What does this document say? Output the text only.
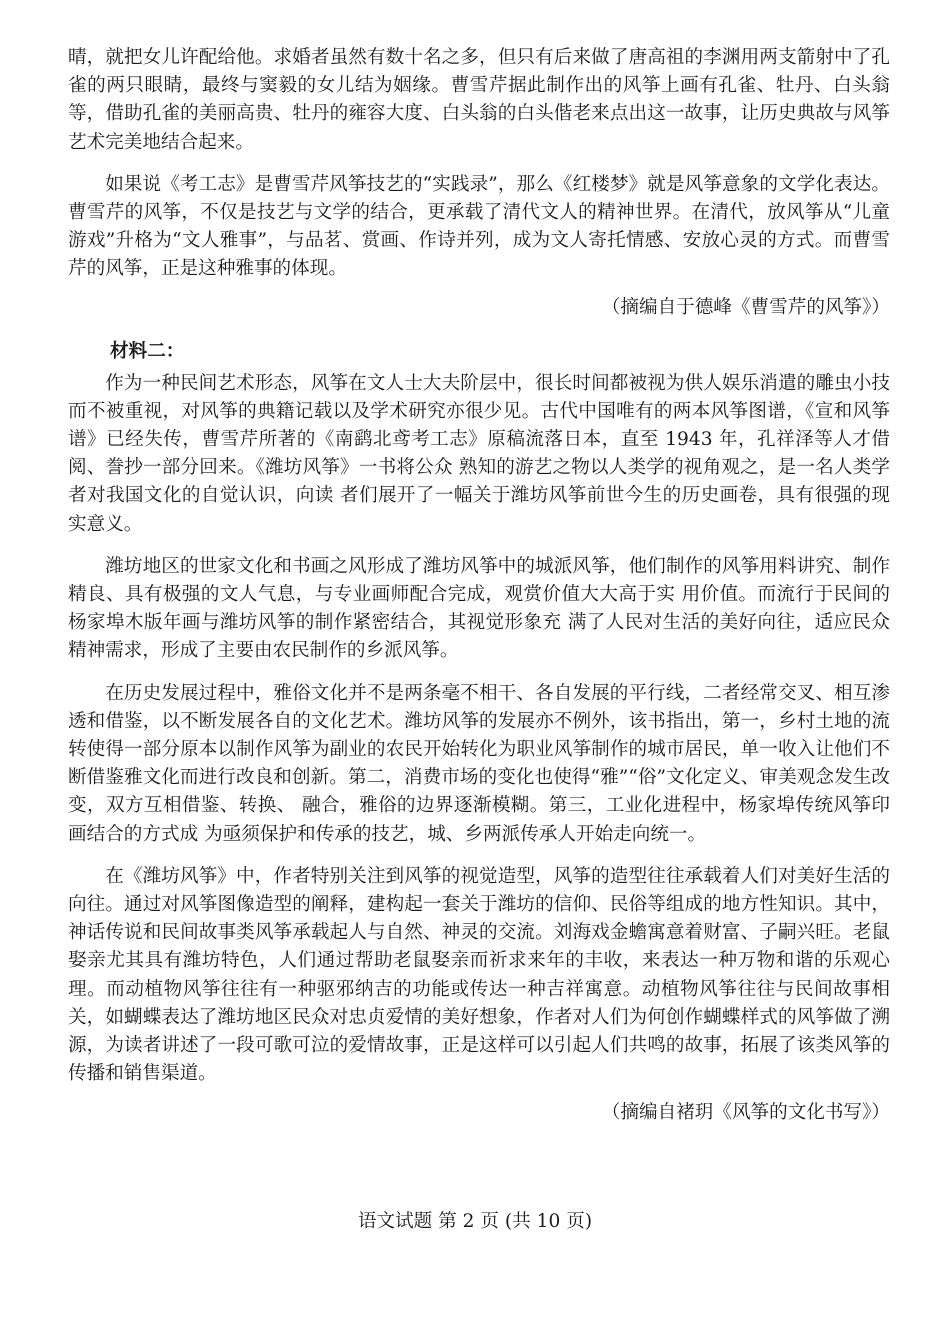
晴，就把女儿许配给他。求婚者虽然有数十名之多，但只有后来做了唐高祖的李渊用两支箭射中了孔雀的两只眼睛，最终与窦毅的女儿结为姻缘。曹雪芹据此制作出的风筝上画有孔雀、牡丹、白头翁等，借助孔雀的美丽高贵、牡丹的雍容大度、白头翁的白头偕老来点出这一故事，让历史典故与风筝艺术完美地结合起来。

如果说《考工志》是曹雪芹风筝技艺的“实践录”，那么《红楼梦》就是风筝意象的文学化表达。曹雪芹的风筝，不仅是技艺与文学的结合，更承载了清代文人的精神世界。在清代，放风筝从“儿童游戏”升格为“文人雅事”，与品茗、赏画、作诗并列，成为文人寄托情感、安放心灵的方式。而曹雪芹的风筝，正是这种雅事的体现。

（摘编自于德峰《曹雪芹的风筝》）

材料二：

作为一种民间艺术形态，风筝在文人士大夫阶层中，很长时间都被视为供人娱乐消遣的雕虫小技而不被重视，对风筝的典籍记载以及学术研究亦很少见。古代中国唯有的两本风筝图谱，《宣和风筝谱》已经失传，曹雪芹所著的《南鹞北鸢考工志》原稿流落日本，直至 1943 年，孔祥泽等人才借阅、誊抄一部分回来。《潍坊风筝》一书将公众 熟知的游艺之物以人类学的视角观之，是一名人类学者对我国文化的自觉认识，向读 者们展开了一幅关于潍坊风筝前世今生的历史画卷，具有很强的现实意义。

潍坊地区的世家文化和书画之风形成了潍坊风筝中的城派风筝，他们制作的风筝用料讲究、制作精良、具有极强的文人气息，与专业画师配合完成，观赏价值大大高于实 用价值。而流行于民间的杨家埠木版年画与潍坊风筝的制作紧密结合，其视觉形象充 满了人民对生活的美好向往，适应民众精神需求，形成了主要由农民制作的乡派风筝。

在历史发展过程中，雅俗文化并不是两条毫不相干、各自发展的平行线，二者经常交叉、相互渗透和借鉴，以不断发展各自的文化艺术。潍坊风筝的发展亦不例外，该书指出，第一，乡村土地的流转使得一部分原本以制作风筝为副业的农民开始转化为职业风筝制作的城市居民，单一收入让他们不断借鉴雅文化而进行改良和创新。第二，消费市场的变化也使得“雅”“俗”文化定义、审美观念发生改变，双方互相借鉴、转换、 融合，雅俗的边界逐渐模糊。第三，工业化进程中，杨家埠传统风筝印画结合的方式成 为亟须保护和传承的技艺，城、乡两派传承人开始走向统一。

在《潍坊风筝》中，作者特别关注到风筝的视觉造型，风筝的造型往往承载着人们对美好生活的向往。通过对风筝图像造型的阐释，建构起一套关于潍坊的信仰、民俗等组成的地方性知识。其中，神话传说和民间故事类风筝承载起人与自然、神灵的交流。刘海戏金蟾寓意着财富、子嗣兴旺。老鼠娶亲尤其具有潍坊特色，人们通过帮助老鼠娶亲而祈求来年的丰收，来表达一种万物和谐的乐观心理。而动植物风筝往往有一种驱邪纳吉的功能或传达一种吉祥寓意。动植物风筝往往与民间故事相关，如蝴蝶表达了潍坊地区民众对忠贞爱情的美好想象，作者对人们为何创作蝴蝶样式的风筝做了溯源，为读者讲述了一段可歌可泣的爱情故事，正是这样可以引起人们共鸣的故事，拓展了该类风筝的传播和销售渠道。

（摘编自褚玥《风筝的文化书写》）

语文试题 第 2 页 (共 10 页)
